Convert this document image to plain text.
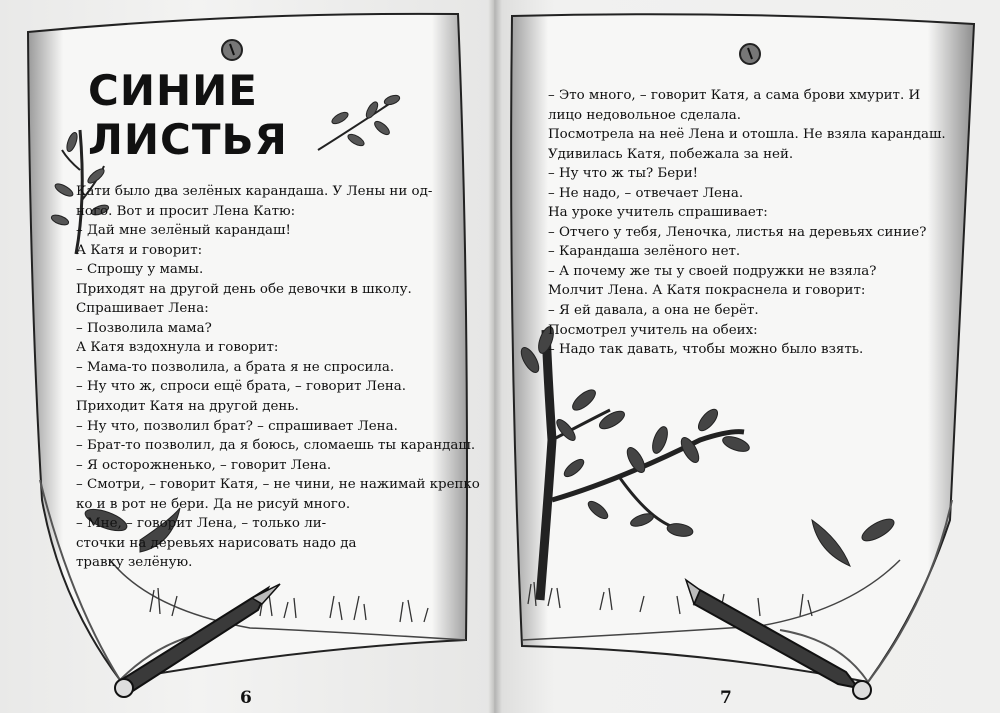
СИНИЕ ЛИСТЬЯ
Кати было два зелёных карандаша. У Лены ни од-
ного. Вот и просит Лена Катю:
– Дай мне зелёный карандаш!
А Катя и говорит:
– Спрошу у мамы.
Приходят на другой день обе девочки в школу.
Спрашивает Лена:
– Позволила мама?
А Катя вздохнула и говорит:
– Мама-то позволила, а брата я не спросила.
– Ну что ж, спроси ещё брата, – говорит Лена.
Приходит Катя на другой день.
– Ну что, позволил брат? – спрашивает Лена.
– Брат-то позволил, да я боюсь, сломаешь ты карандаш.
– Я осторожненько, – говорит Лена.
– Смотри, – говорит Катя, – не чини, не нажимай крепко
ко и в рот не бери. Да не рисуй много.
– Мне, – говорит Лена, – только ли-
сточки на деревьях нарисовать надо да
травку зелёную.
– Это много, – говорит Катя, а сама брови хмурит. И
лицо недовольное сделала.
Посмотрела на неё Лена и отошла. Не взяла карандаш.
Удивилась Катя, побежала за ней.
– Ну что ж ты? Бери!
– Не надо, – отвечает Лена.
На уроке учитель спрашивает:
– Отчего у тебя, Леночка, листья на деревьях синие?
– Карандаша зелёного нет.
– А почему же ты у своей подружки не взяла?
Молчит Лена. А Катя покраснела и говорит:
– Я ей давала, а она не берёт.
Посмотрел учитель на обеих:
– Надо так давать, чтобы можно было взять.
6	7
